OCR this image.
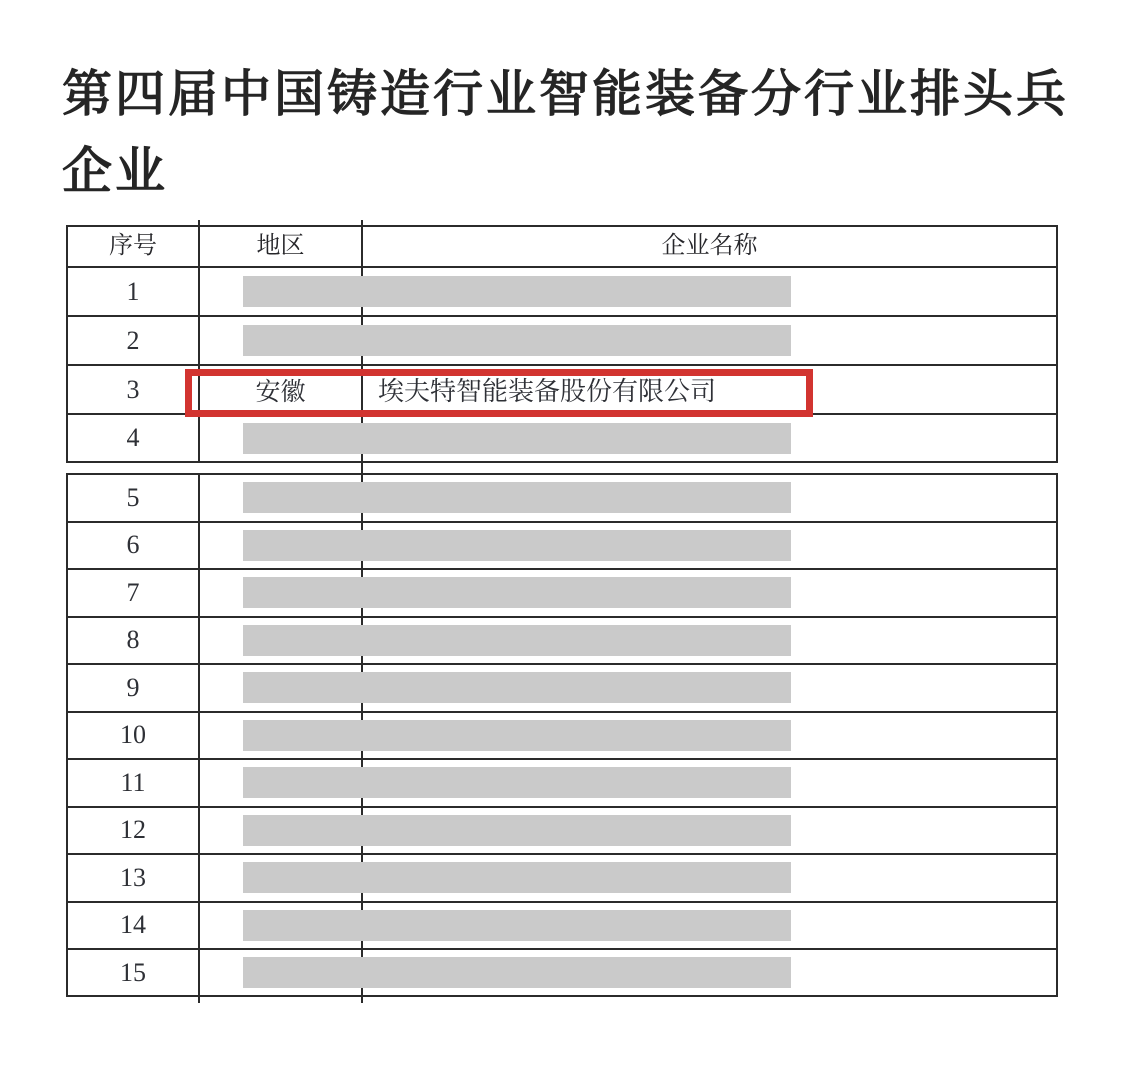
第四届中国铸造行业智能装备分行业排头兵
企业
序号	地区	企业名称
1
2
3	安徽	埃夫特智能装备股份有限公司
4
5
6
7
8
9
10
11
12
13
14
15
